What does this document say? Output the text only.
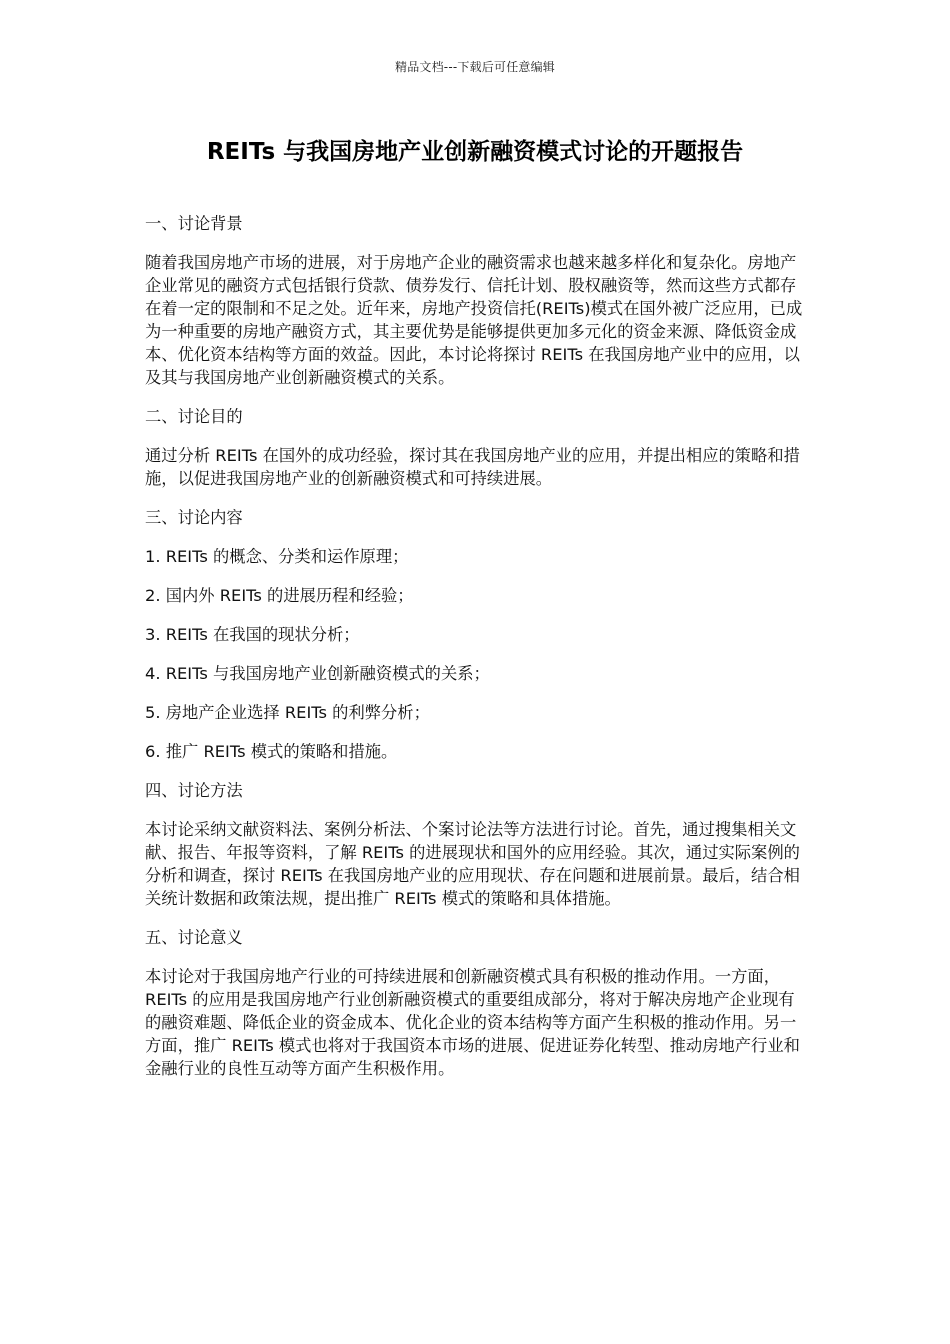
精品文档---下载后可任意编辑
REITs 与我国房地产业创新融资模式讨论的开题报告

一、讨论背景

随着我国房地产市场的进展，对于房地产企业的融资需求也越来越多样化和复杂化。房地产企业常见的融资方式包括银行贷款、债券发行、信托计划、股权融资等，然而这些方式都存在着一定的限制和不足之处。近年来，房地产投资信托(REITs)模式在国外被广泛应用，已成为一种重要的房地产融资方式，其主要优势是能够提供更加多元化的资金来源、降低资金成本、优化资本结构等方面的效益。因此，本讨论将探讨 REITs 在我国房地产业中的应用，以及其与我国房地产业创新融资模式的关系。

二、讨论目的

通过分析 REITs 在国外的成功经验，探讨其在我国房地产业的应用，并提出相应的策略和措施，以促进我国房地产业的创新融资模式和可持续进展。

三、讨论内容

1. REITs 的概念、分类和运作原理；

2. 国内外 REITs 的进展历程和经验；

3. REITs 在我国的现状分析；

4. REITs 与我国房地产业创新融资模式的关系；

5. 房地产企业选择 REITs 的利弊分析；

6. 推广 REITs 模式的策略和措施。

四、讨论方法

本讨论采纳文献资料法、案例分析法、个案讨论法等方法进行讨论。首先，通过搜集相关文献、报告、年报等资料，了解 REITs 的进展现状和国外的应用经验。其次，通过实际案例的分析和调查，探讨 REITs 在我国房地产业的应用现状、存在问题和进展前景。最后，结合相关统计数据和政策法规，提出推广 REITs 模式的策略和具体措施。

五、讨论意义

本讨论对于我国房地产行业的可持续进展和创新融资模式具有积极的推动作用。一方面，REITs 的应用是我国房地产行业创新融资模式的重要组成部分，将对于解决房地产企业现有的融资难题、降低企业的资金成本、优化企业的资本结构等方面产生积极的推动作用。另一方面，推广 REITs 模式也将对于我国资本市场的进展、促进证券化转型、推动房地产行业和金融行业的良性互动等方面产生积极作用。
